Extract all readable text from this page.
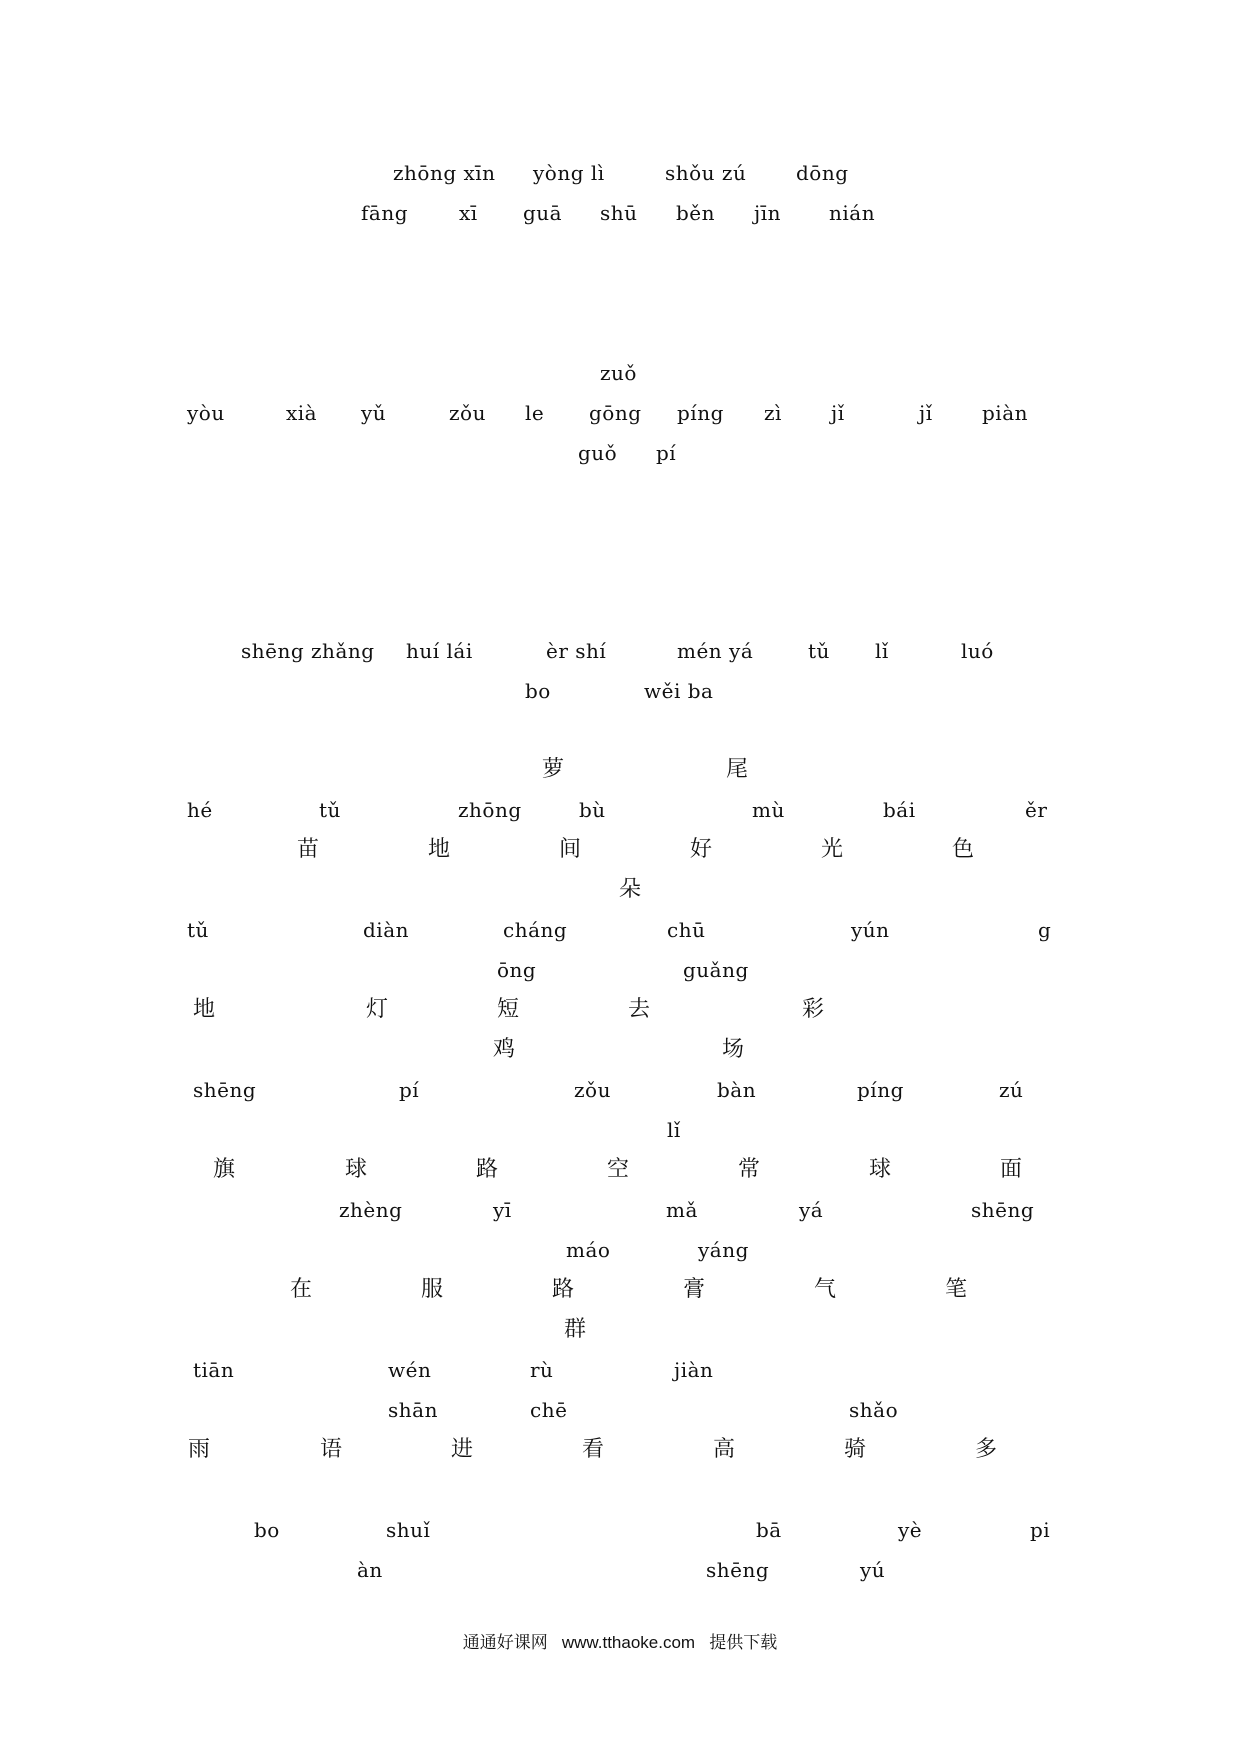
zhōng xīn yòng lì	shǒu zú dōng
fāng	xī guā shū běn jīn nián
zuǒ
yòu	xià yǔ	zǒu le gōng píng zì jǐ	jǐ piàn
guǒ pí
shēng zhǎng huí lái	èr shí	mén yá	tǔ lǐ	luó
bo	wěi ba
萝	尾
hé	tǔ	zhōng	bù	mù	bái	ěr
苗	地	间	好	光	色
朵
tǔ	diàn	cháng	chū	yún	g
ōng	guǎng
地	灯	短	去	彩
鸡	场
shēng	pí	zǒu	bàn	píng	zú
lǐ
旗	球	路	空	常	球	面
zhèng	yī	mǎ	yá	shēng
máo	yáng
在	服	路	膏	气	笔
群
tiān	wén	rù	jiàn
shān	chē	shǎo
雨	语	进	看	高	骑	多
bo	shuǐ	bā	yè	pi
àn	shēng	yú
通通好课网 www.tthaoke.com 提供下载
